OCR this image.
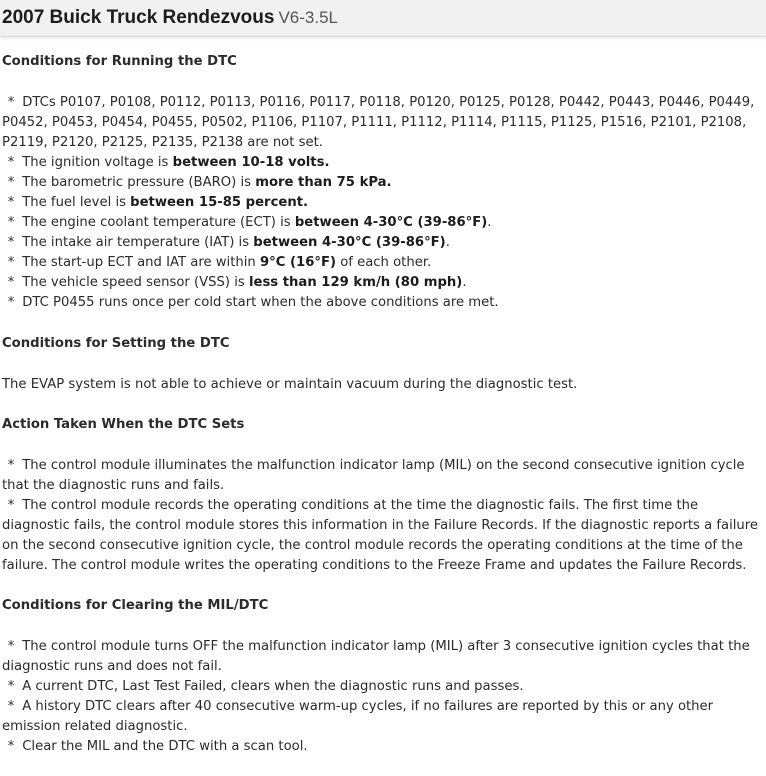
2007 Buick Truck Rendezvous V6-3.5L
Conditions for Running the DTC
* DTCs P0107, P0108, P0112, P0113, P0116, P0117, P0118, P0120, P0125, P0128, P0442, P0443, P0446, P0449, P0452, P0453, P0454, P0455, P0502, P1106, P1107, P1111, P1112, P1114, P1115, P1125, P1516, P2101, P2108, P2119, P2120, P2125, P2135, P2138 are not set.
* The ignition voltage is between 10-18 volts.
* The barometric pressure (BARO) is more than 75 kPa.
* The fuel level is between 15-85 percent.
* The engine coolant temperature (ECT) is between 4-30°C (39-86°F).
* The intake air temperature (IAT) is between 4-30°C (39-86°F).
* The start-up ECT and IAT are within 9°C (16°F) of each other.
* The vehicle speed sensor (VSS) is less than 129 km/h (80 mph).
* DTC P0455 runs once per cold start when the above conditions are met.
Conditions for Setting the DTC
The EVAP system is not able to achieve or maintain vacuum during the diagnostic test.
Action Taken When the DTC Sets
* The control module illuminates the malfunction indicator lamp (MIL) on the second consecutive ignition cycle that the diagnostic runs and fails.
* The control module records the operating conditions at the time the diagnostic fails. The first time the diagnostic fails, the control module stores this information in the Failure Records. If the diagnostic reports a failure on the second consecutive ignition cycle, the control module records the operating conditions at the time of the failure. The control module writes the operating conditions to the Freeze Frame and updates the Failure Records.
Conditions for Clearing the MIL/DTC
* The control module turns OFF the malfunction indicator lamp (MIL) after 3 consecutive ignition cycles that the diagnostic runs and does not fail.
* A current DTC, Last Test Failed, clears when the diagnostic runs and passes.
* A history DTC clears after 40 consecutive warm-up cycles, if no failures are reported by this or any other emission related diagnostic.
* Clear the MIL and the DTC with a scan tool.
